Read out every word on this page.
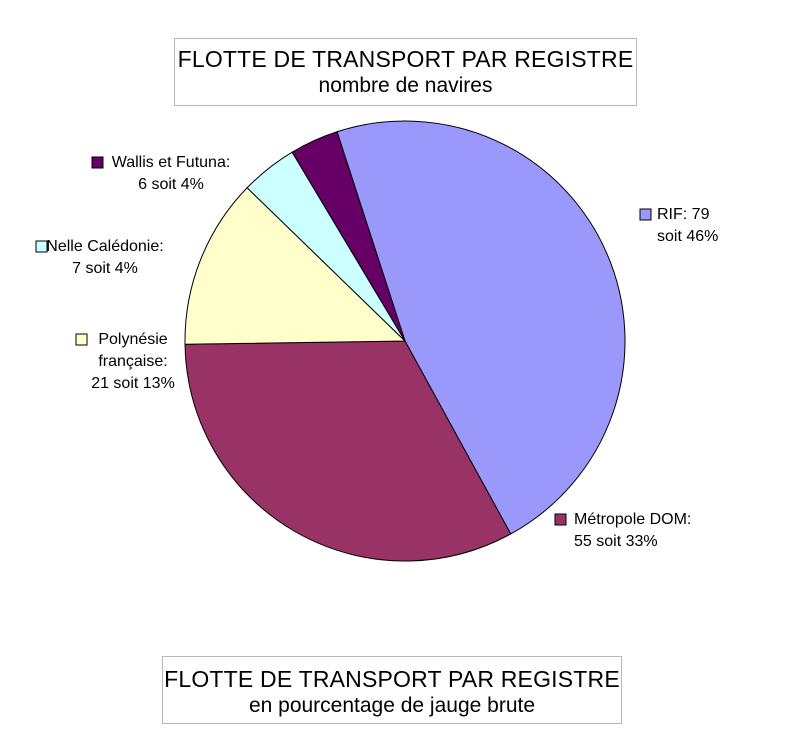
FLOTTE DE TRANSPORT PAR REGISTRE
nombre de navires
RIF: 79 soit 46%
Métropole DOM: 55 soit 33%
Polynésie française: 21 soit 13%
Nelle Calédonie: 7 soit 4%
Wallis et Futuna: 6 soit 4%
FLOTTE DE TRANSPORT PAR REGISTRE
en pourcentage de jauge brute
